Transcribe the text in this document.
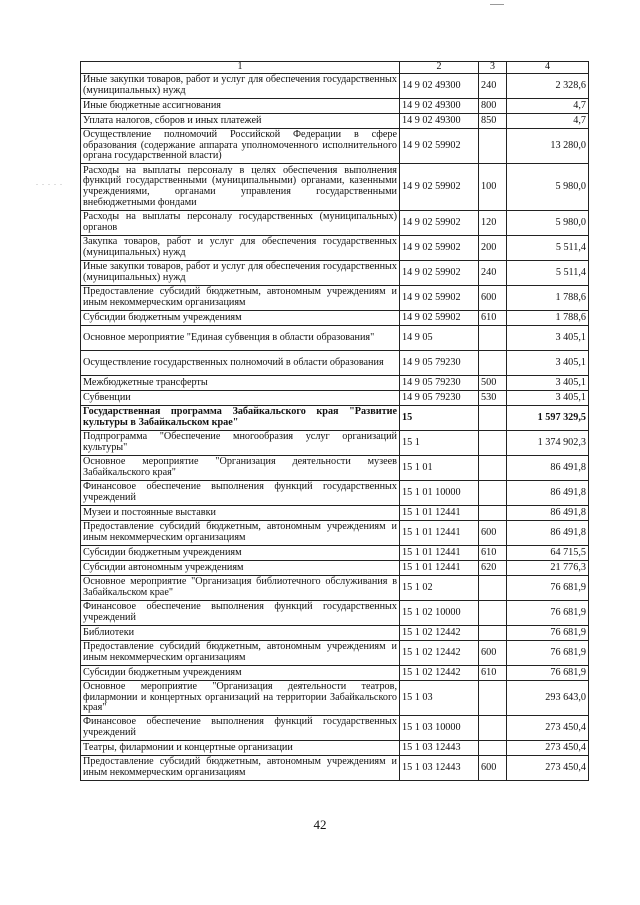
. . . . .
1	2	3	4
Иные закупки товаров, работ и услуг для обеспечения государственных (муниципальных) нужд	14 9 02 49300	240	2 328,6
Иные бюджетные ассигнования	14 9 02 49300	800	4,7
Уплата налогов, сборов и иных платежей	14 9 02 49300	850	4,7
Осуществление полномочий Российской Федерации в сфере образования (содержание аппарата уполномоченного исполнительного органа государственной власти)	14 9 02 59902		13 280,0
Расходы на выплаты персоналу в целях обеспечения выполнения функций государственными (муниципальными) органами, казенными учреждениями, органами управления государственными внебюджетными фондами	14 9 02 59902	100	5 980,0
Расходы на выплаты персоналу государственных (муниципальных) органов	14 9 02 59902	120	5 980,0
Закупка товаров, работ и услуг для обеспечения государственных (муниципальных) нужд	14 9 02 59902	200	5 511,4
Иные закупки товаров, работ и услуг для обеспечения государственных (муниципальных) нужд	14 9 02 59902	240	5 511,4
Предоставление субсидий бюджетным, автономным учреждениям и иным некоммерческим организациям	14 9 02 59902	600	1 788,6
Субсидии бюджетным учреждениям	14 9 02 59902	610	1 788,6
Основное мероприятие "Единая субвенция в области образования"	14 9 05		3 405,1
Осуществление государственных полномочий в области образования	14 9 05 79230		3 405,1
Межбюджетные трансферты	14 9 05 79230	500	3 405,1
Субвенции	14 9 05 79230	530	3 405,1
Государственная программа Забайкальского края "Развитие культуры в Забайкальском крае"	15		1 597 329,5
Подпрограмма "Обеспечение многообразия услуг организаций культуры"	15 1		1 374 902,3
Основное мероприятие "Организация деятельности музеев Забайкальского края"	15 1 01		86 491,8
Финансовое обеспечение выполнения функций государственных учреждений	15 1 01 10000		86 491,8
Музеи и постоянные выставки	15 1 01 12441		86 491,8
Предоставление субсидий бюджетным, автономным учреждениям и иным некоммерческим организациям	15 1 01 12441	600	86 491,8
Субсидии бюджетным учреждениям	15 1 01 12441	610	64 715,5
Субсидии автономным учреждениям	15 1 01 12441	620	21 776,3
Основное мероприятие "Организация библиотечного обслуживания в Забайкальском крае"	15 1 02		76 681,9
Финансовое обеспечение выполнения функций государственных учреждений	15 1 02 10000		76 681,9
Библиотеки	15 1 02 12442		76 681,9
Предоставление субсидий бюджетным, автономным учреждениям и иным некоммерческим организациям	15 1 02 12442	600	76 681,9
Субсидии бюджетным учреждениям	15 1 02 12442	610	76 681,9
Основное мероприятие "Организация деятельности театров, филармонии и концертных организаций на территории Забайкальского края"	15 1 03		293 643,0
Финансовое обеспечение выполнения функций государственных учреждений	15 1 03 10000		273 450,4
Театры, филармонии и концертные организации	15 1 03 12443		273 450,4
Предоставление субсидий бюджетным, автономным учреждениям и иным некоммерческим организациям	15 1 03 12443	600	273 450,4
42
